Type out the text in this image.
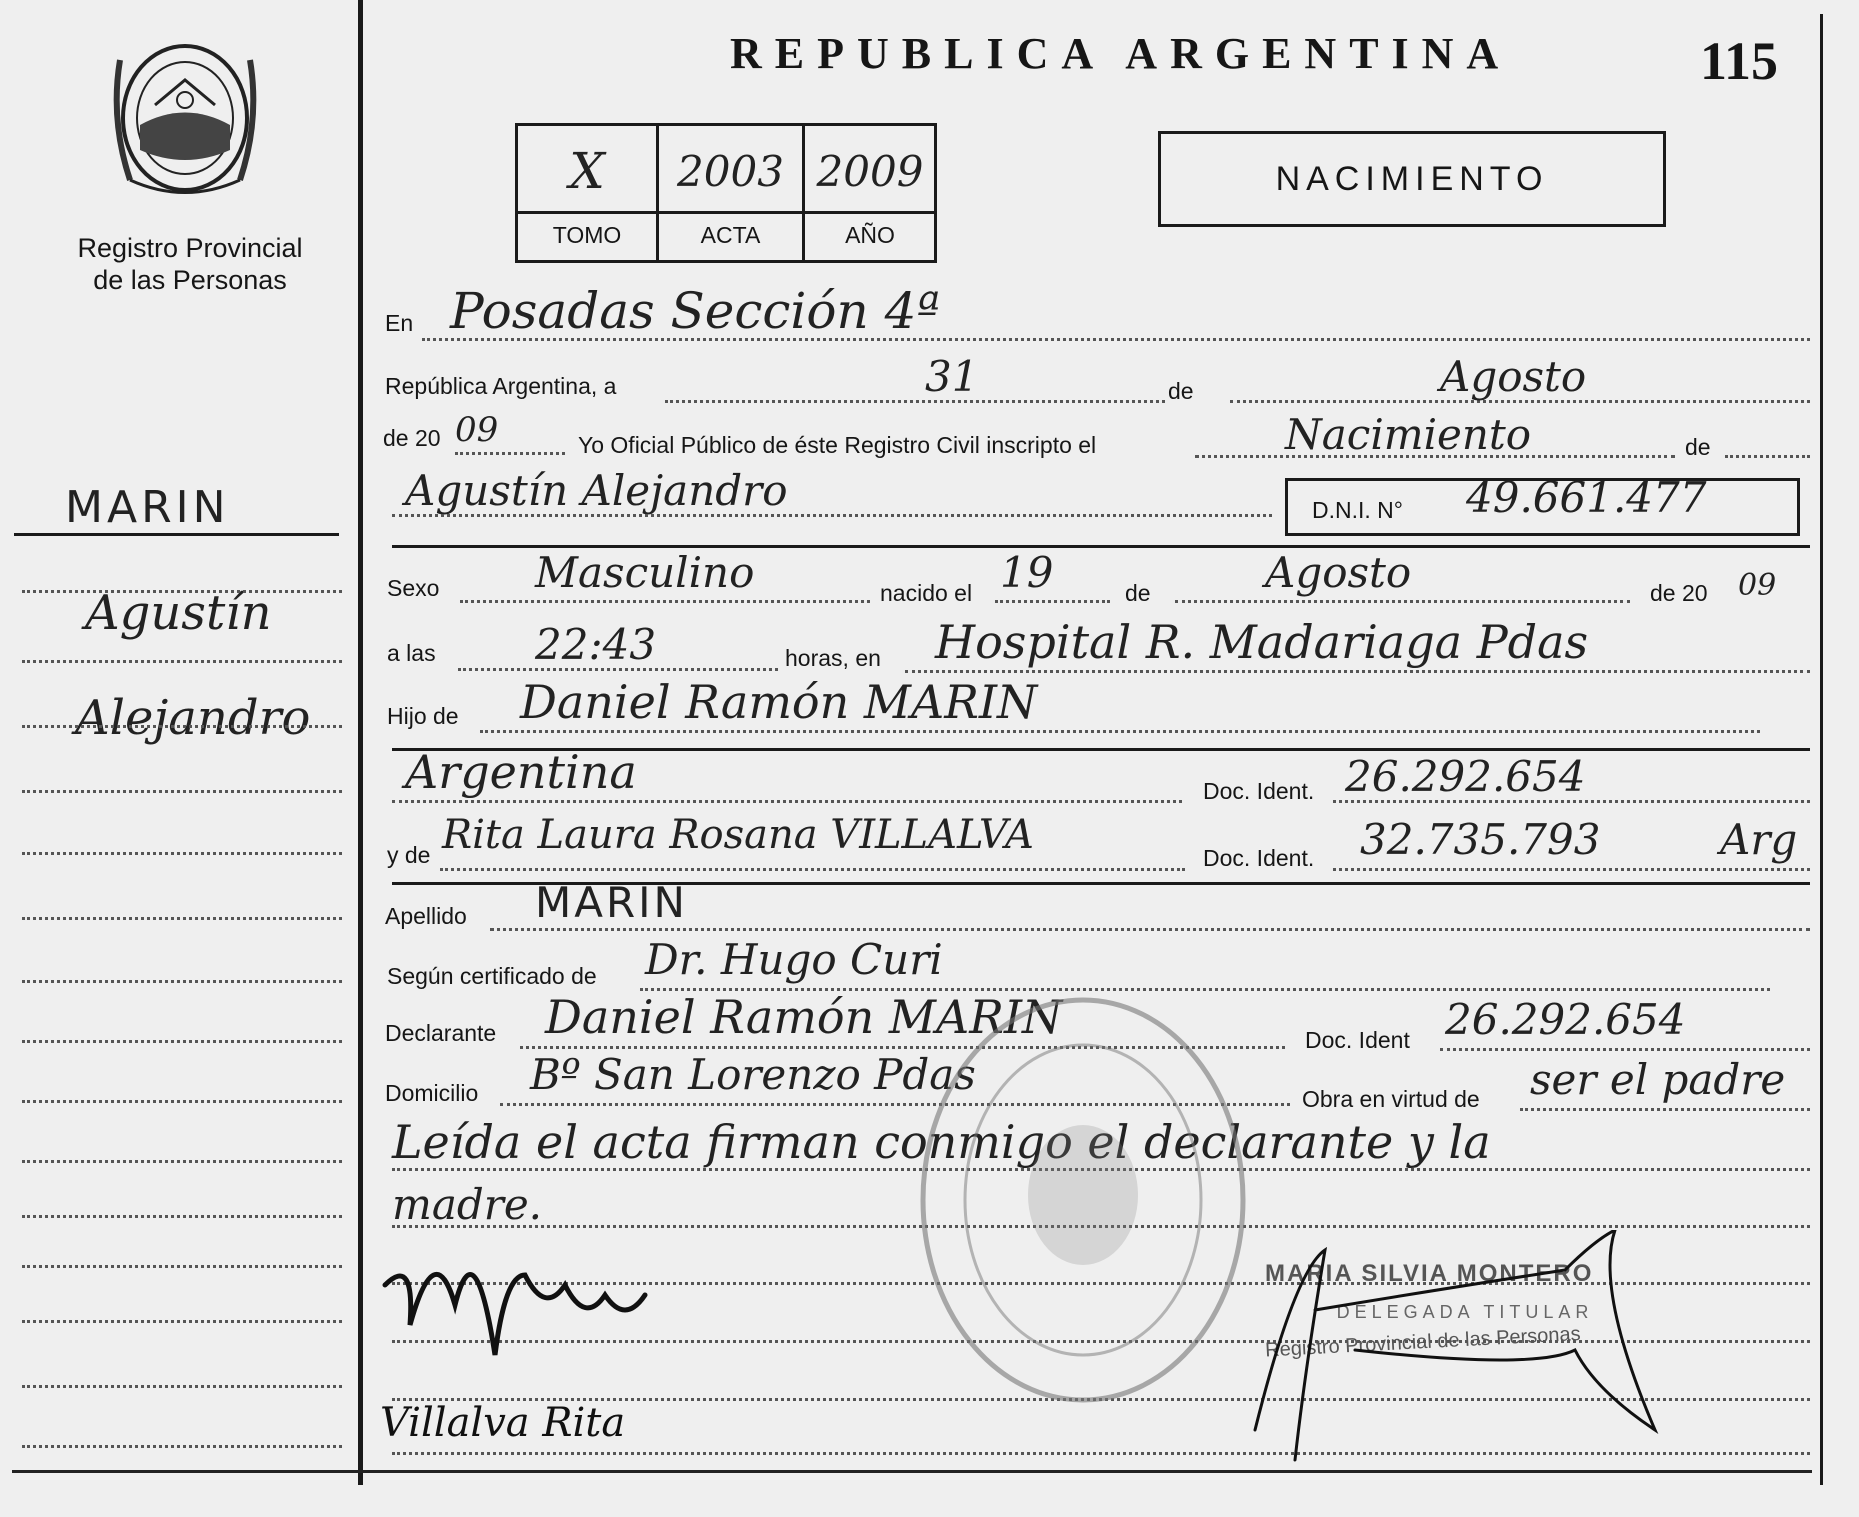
Registro Provincial
de las Personas
MARIN
Agustín
Alejandro
REPUBLICA ARGENTINA	115
X	2003 2009
TOMO	ACTA	AÑO
NACIMIENTO
En Posadas Sección 4ª
República Argentina, a	31	de	Agosto
de 20 09	Yo Oficial Público de éste Registro Civil inscripto el	Nacimiento	de
Agustín Alejandro	D.N.I. N° 49.661.477
Sexo Masculino	nacido el 19	de	Agosto	de 20 09
a las 22:43	horas, en Hospital R. Madariaga Pdas
Hijo de Daniel Ramón MARIN
Argentina	Doc. Ident. 26.292.654
y de Rita Laura Rosana VILLALVA	Doc. Ident. 32.735.793	Arg
Apellido MARIN
Según certificado de Dr. Hugo Curi
Declarante Daniel Ramón MARIN	Doc. Ident 26.292.654
Domicilio Bº San Lorenzo Pdas	Obra en virtud de ser el padre
Leída el acta firman conmigo el declarante y la
madre.
Villalva Rita
MARIA SILVIA MONTERO
DELEGADA TITULAR
Registro Provincial de las Personas
